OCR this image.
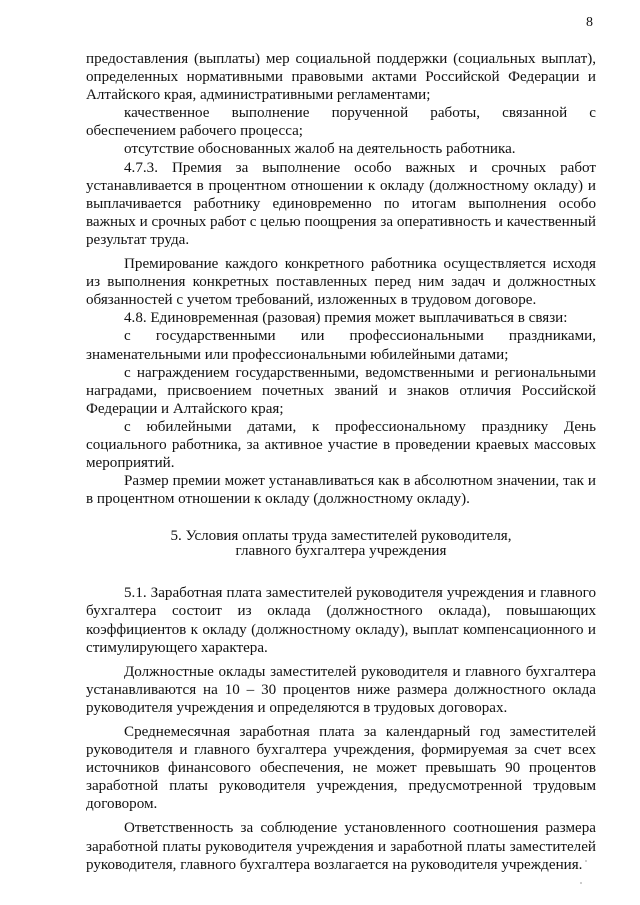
8

предоставления (выплаты) мер социальной поддержки (социальных выплат), определенных нормативными правовыми актами Российской Федерации и Алтайского края, административными регламентами;

качественное выполнение порученной работы, связанной с обеспечением рабочего процесса;

отсутствие обоснованных жалоб на деятельность работника.

4.7.3. Премия за выполнение особо важных и срочных работ устанавливается в процентном отношении к окладу (должностному окладу) и выплачивается работнику единовременно по итогам выполнения особо важных и срочных работ с целью поощрения за оперативность и качественный результат труда.

Премирование каждого конкретного работника осуществляется исходя из выполнения конкретных поставленных перед ним задач и должностных обязанностей с учетом требований, изложенных в трудовом договоре.

4.8. Единовременная (разовая) премия может выплачиваться в связи:

с государственными или профессиональными праздниками, знаменательными или профессиональными юбилейными датами;

с награждением государственными, ведомственными и региональными наградами, присвоением почетных званий и знаков отличия Российской Федерации и Алтайского края;

с юбилейными датами, к профессиональному празднику День социального работника, за активное участие в проведении краевых массовых мероприятий.

Размер премии может устанавливаться как в абсолютном значении, так и в процентном отношении к окладу (должностному окладу).

5. Условия оплаты труда заместителей руководителя,
главного бухгалтера учреждения

5.1. Заработная плата заместителей руководителя учреждения и главного бухгалтера состоит из оклада (должностного оклада), повышающих коэффициентов к окладу (должностному окладу), выплат компенсационного и стимулирующего характера.

Должностные оклады заместителей руководителя и главного бухгалтера устанавливаются на 10 – 30 процентов ниже размера должностного оклада руководителя учреждения и определяются в трудовых договорах.

Среднемесячная заработная плата за календарный год заместителей руководителя и главного бухгалтера учреждения, формируемая за счет всех источников финансового обеспечения, не может превышать 90 процентов заработной платы руководителя учреждения, предусмотренной трудовым договором.

Ответственность за соблюдение установленного соотношения размера заработной платы руководителя учреждения и заработной платы заместителей руководителя, главного бухгалтера возлагается на руководителя учреждения.
